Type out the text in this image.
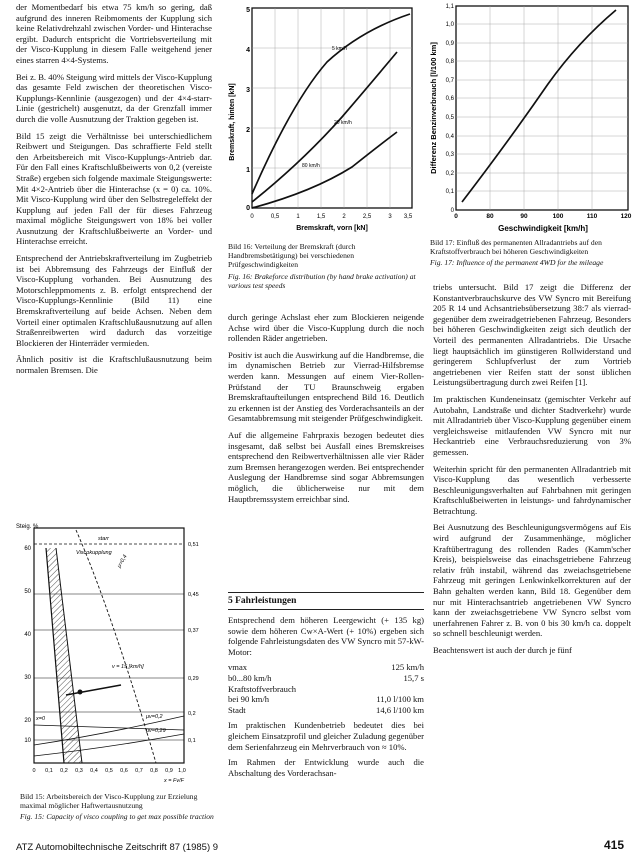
der Momentbedarf bis etwa 75 km/h so gering, daß aufgrund des inneren Reibmoments der Kupplung sich keine Relativdrehzahl zwischen Vorder- und Hinterachse ergibt. Dadurch entspricht die Vortriebsverteilung mit der Visco-Kupplung in diesem Falle weitgehend jener eines starren 4×4-Systems.

Bei z. B. 40% Steigung wird mittels der Visco-Kupplung das gesamte Feld zwischen der theoretischen Visco-Kupplungs-Kennlinie (ausgezogen) und der 4×4-starr-Linie (gestrichelt) ausgenutzt, da der Grenzfall immer durch die volle Ausnutzung der Traktion gegeben ist.

Bild 15 zeigt die Verhältnisse bei unterschiedlichem Reibwert und Steigungen. Das schraffierte Feld stellt den Arbeitsbereich mit Visco-Kupplungs-Antrieb dar. Für den Fall eines Kraftschlußbeiwerts von 0,2 (vereiste Straße) ergeben sich folgende maximale Steigungswerte: Mit 4×2-Antrieb über die Hinterachse (x = 0) ca. 10%. Mit Visco-Kupplung wird über den Selbstregeleffekt der Kupplung auf jeden Fall der für dieses Fahrzeug maximal mögliche Steigungswert von 18% bei voller Ausnutzung der Kraftschlußbeiwerte an Vorder- und Hinterachse erreicht.

Entsprechend der Antriebskraftverteilung im Zugbetrieb ist bei Abbremsung des Fahrzeugs der Einfluß der Visco-Kupplung vorhanden. Bei Ausnutzung des Motorschleppmoments z. B. erfolgt entsprechend der Visco-Kupplungs-Kennlinie (Bild 11) eine Bremskraftverteilung auf beide Achsen. Neben dem Vorteil einer optimalen Kraftschlußausnutzung auf allen Straßenreibwerten wird dadurch das vorzeitige Blockieren der Hinterräder vermieden.

Ähnlich positiv ist die Kraftschlußausnutzung beim normalen Bremsen. Die

Steig. %
60
50
40
30
20
10
0 0,1 0,2 0,3 0,4 0,5 0,6 0,7 0,8 0,9 1,0
0,51
0,45
0,37
0,29
0,2
0,1
starr
Viscokupplung
μ=0,4
μv=0,2
μv=0,29
v = 15 [km/h]
x=0
x = Fv/F
Bild 15: Arbeitsbereich der Visco-Kupplung zur Erzielung maximal möglicher Haftwertausnutzung
Fig. 15: Capacity of visco coupling to get max possible traction
5
4
3
2
1
0
0	0,5	1	1,5	2	2,5	3 3,5
Bremskraft, hinten [kN]
Bremskraft, vorn [kN]
5 km/h
20 km/h
80 km/h
Bild 16: Verteilung der Bremskraft (durch Handbremsbetätigung) bei verschiedenen Prüfgeschwindigkeiten
Fig. 16: Brakeforce distribution (by hand brake activation) at various test speeds
1,1
1,0
0,9
0,8
0,7
0,6
0,5
0,4
0,3
0,2
0,1
0
0	80	90	100	110	120
Differenz Benzinverbrauch [l/100 km]
Geschwindigkeit [km/h]
Bild 17: Einfluß des permanenten Allradantriebs auf den Kraftstoffverbrauch bei höheren Geschwindigkeiten
Fig. 17: Influence of the permanent 4WD for the mileage

durch geringe Achslast eher zum Blockieren neigende Achse wird über die Visco-Kupplung durch die noch rollenden Räder angetrieben.

Positiv ist auch die Auswirkung auf die Handbremse, die im dynamischen Betrieb zur Vierrad-Hilfsbremse werden kann. Messungen auf einem Vier-Rollen-Prüfstand der TU Braunschweig ergaben Bremskraftaufteilungen entsprechend Bild 16. Deutlich zu erkennen ist der Anstieg des Vorderachsanteils an der Gesamtabbremsung mit steigender Prüfgeschwindigkeit.

Auf die allgemeine Fahrpraxis bezogen bedeutet dies insgesamt, daß selbst bei Ausfall eines Bremskreises entsprechend den Reibwertverhältnissen alle vier Räder zum Bremsen herangezogen werden. Bei entsprechender Auslegung der Handbremse sind sogar Abbremsungen möglich, die üblicherweise nur mit dem Hauptbremssystem erreichbar sind.

5 Fahrleistungen

Entsprechend dem höheren Leergewicht (+ 135 kg) sowie dem höheren Cw×A-Wert (+ 10%) ergeben sich folgende Fahrleistungsdaten des VW Syncro mit 57-kW-Motor:

vmax	125 km/h
b0...80 km/h	15,7 s
Kraftstoffverbrauch
bei 90 km/h	11,0 l/100 km
Stadt	14,6 l/100 km

Im praktischen Kundenbetrieb bedeutet dies bei gleichem Einsatzprofil und gleicher Zuladung gegenüber dem Serienfahrzeug ein Mehrverbrauch von ≈ 10%.

Im Rahmen der Entwicklung wurde auch die Abschaltung des Vorderachsan-

triebs untersucht. Bild 17 zeigt die Differenz der Konstantverbrauchskurve des VW Syncro mit Bereifung 205 R 14 und Achsantriebsübersetzung 38:7 als vierrad- gegenüber dem zweiradgetriebenen Fahrzeug. Besonders bei höheren Geschwindigkeiten zeigt sich deutlich der Vorteil des permanenten Allradantriebs. Die Ursache liegt hauptsächlich im günstigeren Rollwiderstand und geringerem Schlupfverlust der zum Vortrieb angetriebenen vier Reifen statt der sonst üblichen Leistungsübertragung durch zwei Reifen [1].

Im praktischen Kundeneinsatz (gemischter Verkehr auf Autobahn, Landstraße und dichter Stadtverkehr) wurde mit Allradantrieb über Visco-Kupplung gegenüber einem vergleichsweise mitlaufenden VW Syncro mit nur Heckantrieb eine Verbrauchsreduzierung von 3% gemessen.

Weiterhin spricht für den permanenten Allradantrieb mit Visco-Kupplung das wesentlich verbesserte Beschleunigungsverhalten auf Fahrbahnen mit geringen Kraftschlußbeiwerten in leistungs- und fahrdynamischer Betrachtung.

Bei Ausnutzung des Beschleunigungsvermögens auf Eis wird aufgrund der Zusammenhänge, möglicher Kraftübertragung des rollenden Rades (Kamm'scher Kreis), beispielsweise das einachsgetriebene Fahrzeug relativ früh instabil, während das zweiachsgetriebene Fahrzeug mit geringen Lenkwinkelkorrekturen auf der Bahn gehalten werden kann, Bild 18. Gegenüber dem nur mit Hinterachsantrieb angetriebenen VW Syncro kann der zweiachsgetriebene VW Syncro selbst vom unerfahrenen Fahrer z. B. von 0 bis 30 km/h ca. doppelt so schnell beschleunigt werden.

Beachtenswert ist auch der durch je fünf

ATZ Automobiltechnische Zeitschrift 87 (1985) 9	415
